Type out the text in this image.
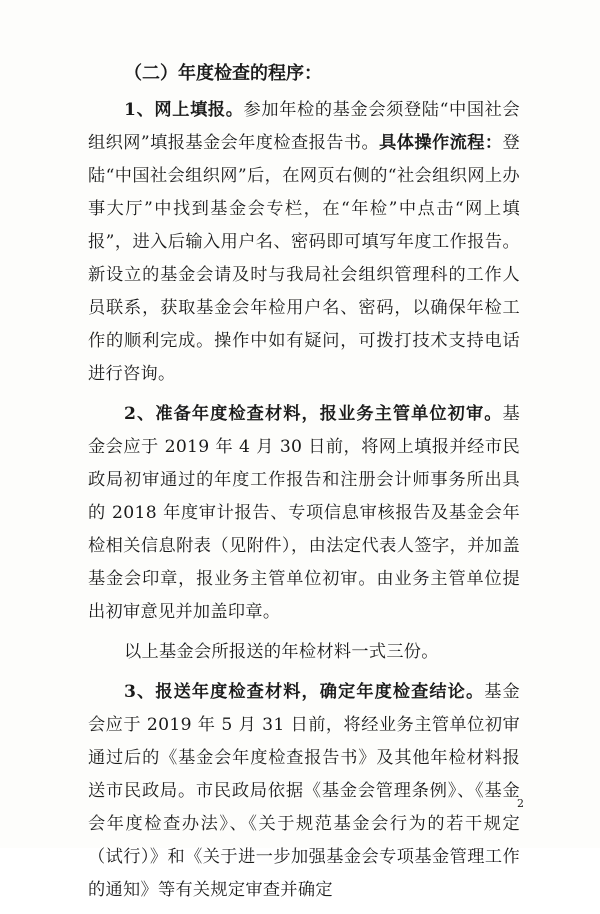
（二）年度检查的程序：

1、网上填报。参加年检的基金会须登陆“中国社会组织网”填报基金会年度检查报告书。具体操作流程：登陆“中国社会组织网”后，在网页右侧的“社会组织网上办事大厅”中找到基金会专栏，在“年检”中点击“网上填报”，进入后输入用户名、密码即可填写年度工作报告。新设立的基金会请及时与我局社会组织管理科的工作人员联系，获取基金会年检用户名、密码，以确保年检工作的顺利完成。操作中如有疑问，可拨打技术支持电话进行咨询。

2、准备年度检查材料，报业务主管单位初审。基金会应于 2019 年 4 月 30 日前，将网上填报并经市民政局初审通过的年度工作报告和注册会计师事务所出具的 2018 年度审计报告、专项信息审核报告及基金会年检相关信息附表（见附件），由法定代表人签字，并加盖基金会印章，报业务主管单位初审。由业务主管单位提出初审意见并加盖印章。

以上基金会所报送的年检材料一式三份。

3、报送年度检查材料，确定年度检查结论。基金会应于 2019 年 5 月 31 日前，将经业务主管单位初审通过后的《基金会年度检查报告书》及其他年检材料报送市民政局。市民政局依据《基金会管理条例》、《基金会年度检查办法》、《关于规范基金会行为的若干规定（试行）》和《关于进一步加强基金会专项基金管理工作的通知》等有关规定审查并确定

2
